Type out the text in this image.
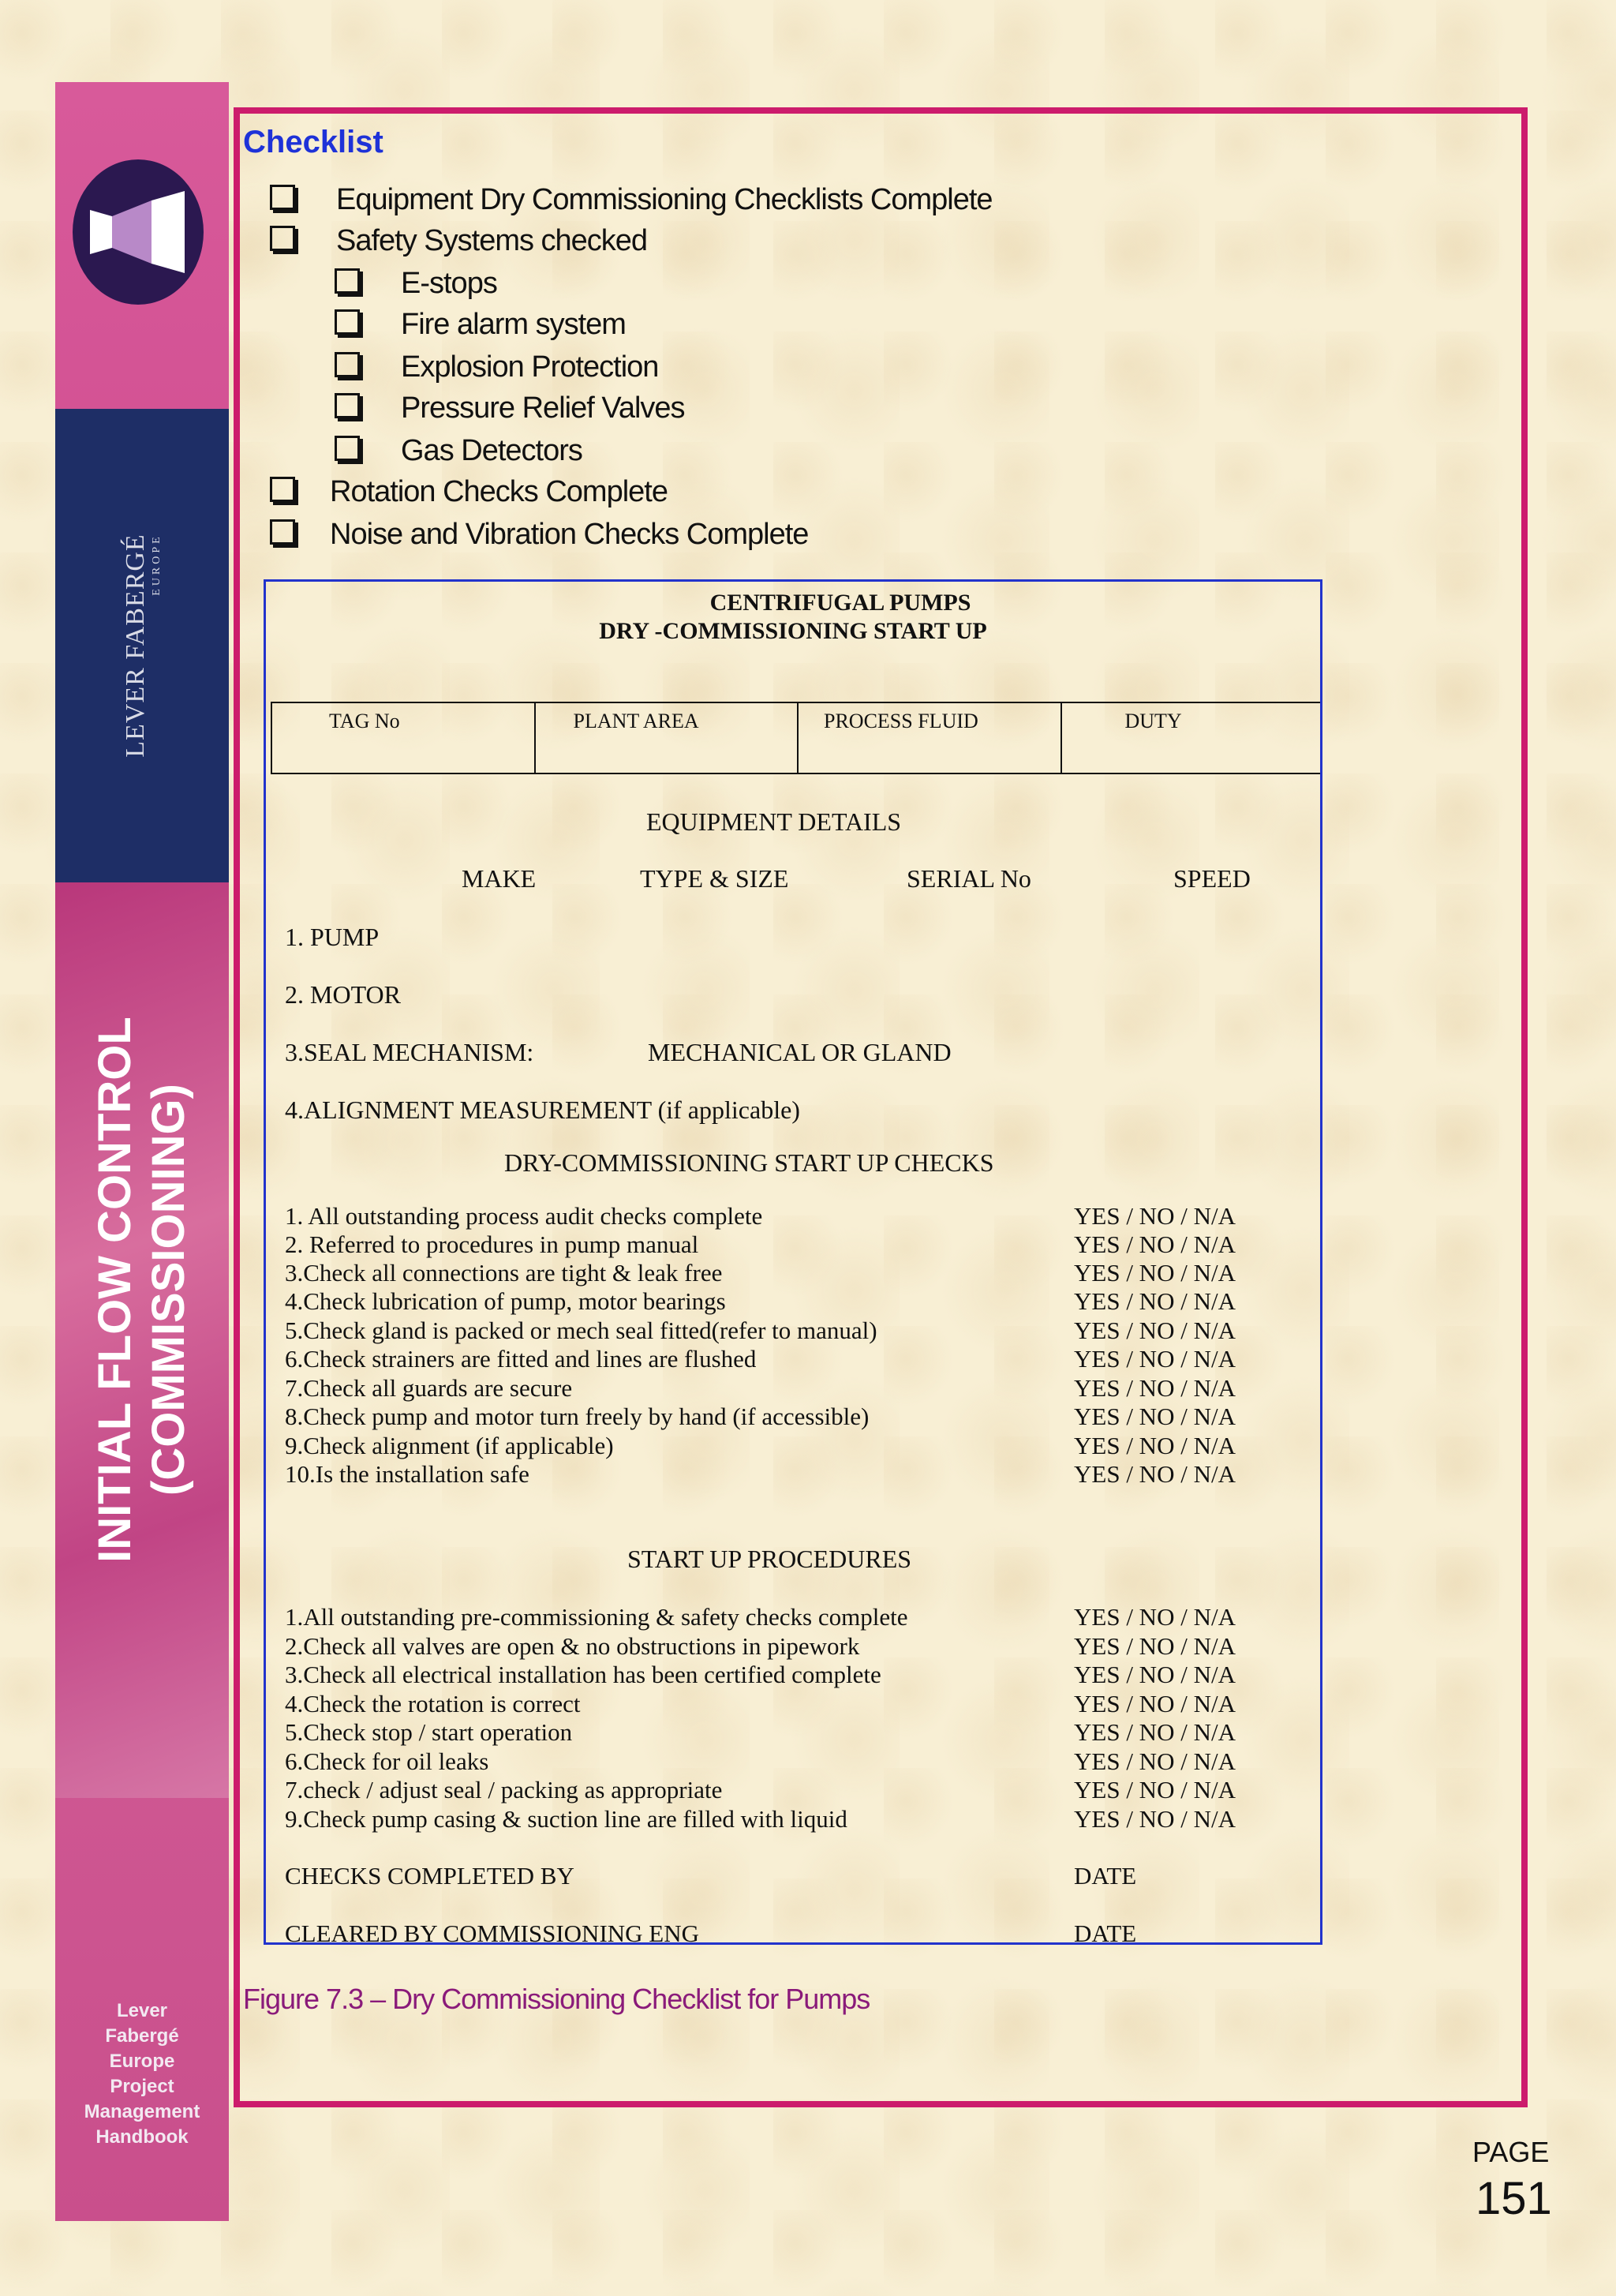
LEVER FABERGÉ EUROPE
INITIAL FLOW CONTROL (COMMISSIONING)
Lever
Fabergé
Europe
Project
Management
Handbook
Checklist
Equipment Dry Commissioning Checklists Complete
Safety Systems checked
E-stops
Fire alarm system
Explosion Protection
Pressure Relief Valves
Gas Detectors
Rotation Checks Complete
Noise and Vibration Checks Complete
CENTRIFUGAL PUMPS
DRY -COMMISSIONING START UP
TAG No	PLANT AREA	PROCESS FLUID	DUTY
EQUIPMENT DETAILS
MAKE	TYPE & SIZE	SERIAL No	SPEED
1. PUMP
2. MOTOR
3.SEAL MECHANISM:	MECHANICAL OR GLAND
4.ALIGNMENT MEASUREMENT (if applicable)
DRY-COMMISSIONING START UP CHECKS
1. All outstanding process audit checks complete	YES / NO / N/A
2. Referred to procedures in pump manual	YES / NO / N/A
3.Check all connections are tight & leak free	YES / NO / N/A
4.Check lubrication of pump, motor bearings	YES / NO / N/A
5.Check gland is packed or mech seal fitted(refer to manual)	YES / NO / N/A
6.Check strainers are fitted and lines are flushed	YES / NO / N/A
7.Check all guards are secure	YES / NO / N/A
8.Check pump and motor turn freely by hand (if accessible)	YES / NO / N/A
9.Check alignment (if applicable)	YES / NO / N/A
10.Is the installation safe	YES / NO / N/A
START UP PROCEDURES
1.All outstanding pre-commissioning & safety checks complete	YES / NO / N/A
2.Check all valves are open & no obstructions in pipework	YES / NO / N/A
3.Check all electrical installation has been certified complete	YES / NO / N/A
4.Check the rotation is correct	YES / NO / N/A
5.Check stop / start operation	YES / NO / N/A
6.Check for oil leaks	YES / NO / N/A
7.check / adjust seal / packing as appropriate	YES / NO / N/A
9.Check pump casing & suction line are filled with liquid	YES / NO / N/A
CHECKS COMPLETED BY	DATE
CLEARED BY COMMISSIONING ENG	DATE
Figure 7.3 – Dry Commissioning Checklist for Pumps
PAGE
151
